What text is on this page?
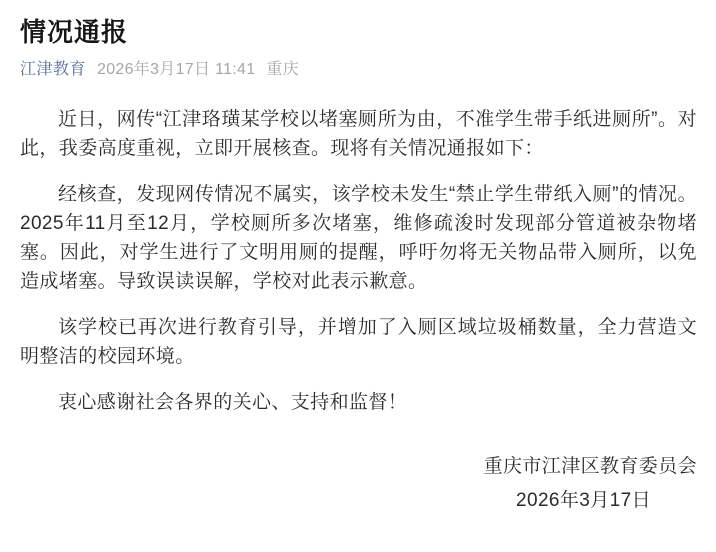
情况通报
江津教育 2026年3月17日 11:41 重庆

近日，网传“江津珞璜某学校以堵塞厕所为由，不准学生带手纸进厕所”。对此，我委高度重视，立即开展核查。现将有关情况通报如下：

经核查，发现网传情况不属实，该学校未发生“禁止学生带纸入厕”的情况。2025年11月至12月，学校厕所多次堵塞，维修疏浚时发现部分管道被杂物堵塞。因此，对学生进行了文明用厕的提醒，呼吁勿将无关物品带入厕所，以免造成堵塞。导致误读误解，学校对此表示歉意。

该学校已再次进行教育引导，并增加了入厕区域垃圾桶数量，全力营造文明整洁的校园环境。

衷心感谢社会各界的关心、支持和监督！

重庆市江津区教育委员会
2026年3月17日
